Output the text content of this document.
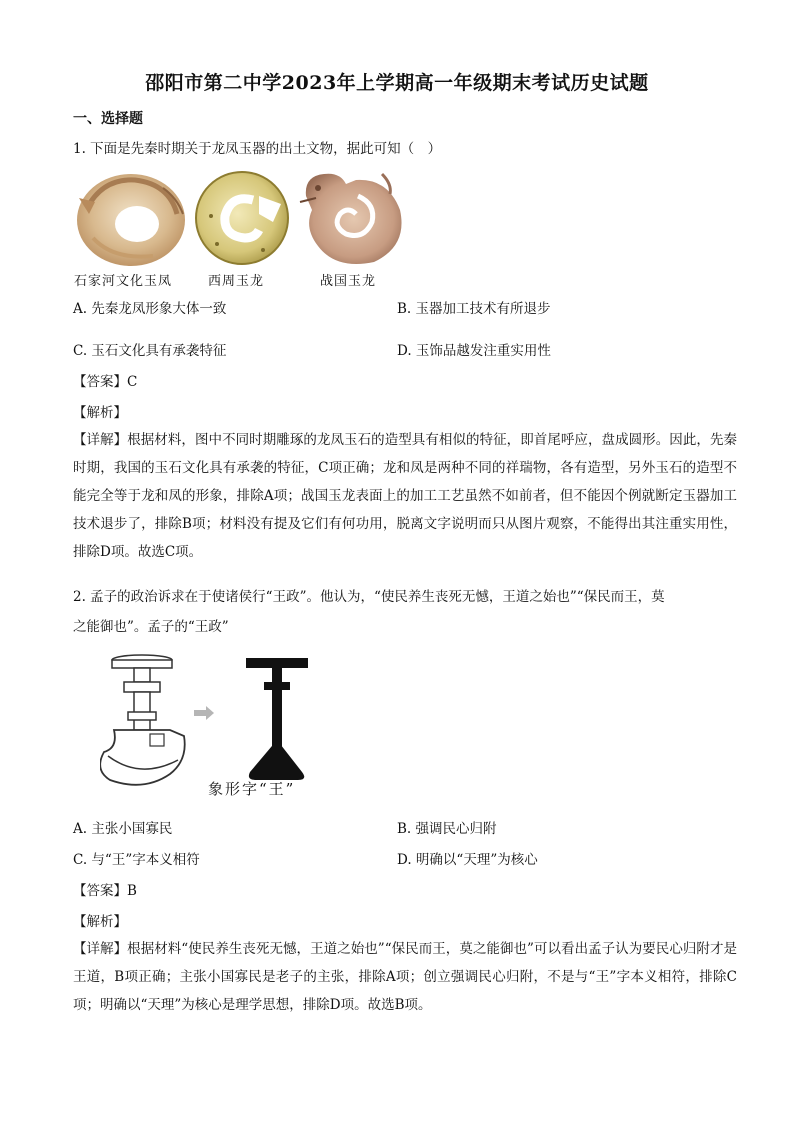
邵阳市第二中学2023年上学期高一年级期末考试历史试题
一、选择题
1. 下面是先秦时期关于龙凤玉器的出土文物，据此可知（　）
石家河文化玉凤	西周玉龙	战国玉龙
A. 先秦龙凤形象大体一致	B. 玉器加工技术有所退步
C. 玉石文化具有承袭特征	D. 玉饰品越发注重实用性
【答案】C
【解析】
【详解】根据材料，图中不同时期雕琢的龙凤玉石的造型具有相似的特征，即首尾呼应，盘成圆形。因此，先秦时期，我国的玉石文化具有承袭的特征，C项正确；龙和凤是两种不同的祥瑞物，各有造型，另外玉石的造型不能完全等于龙和凤的形象，排除A项；战国玉龙表面上的加工工艺虽然不如前者，但不能因个例就断定玉器加工技术退步了，排除B项；材料没有提及它们有何功用，脱离文字说明而只从图片观察，不能得出其注重实用性，排除D项。故选C项。
2. 孟子的政治诉求在于使诸侯行“王政”。他认为，“使民养生丧死无憾，王道之始也”“保民而王，莫
之能御也”。孟子的“王政”
象形字“王”
A. 主张小国寡民	B. 强调民心归附
C. 与“王”字本义相符	D. 明确以“天理”为核心
【答案】B
【解析】
【详解】根据材料“使民养生丧死无憾，王道之始也”“保民而王，莫之能御也”可以看出孟子认为要民心归附才是王道，B项正确；主张小国寡民是老子的主张，排除A项；创立强调民心归附，不是与“王”字本义相符，排除C项；明确以“天理”为核心是理学思想，排除D项。故选B项。
